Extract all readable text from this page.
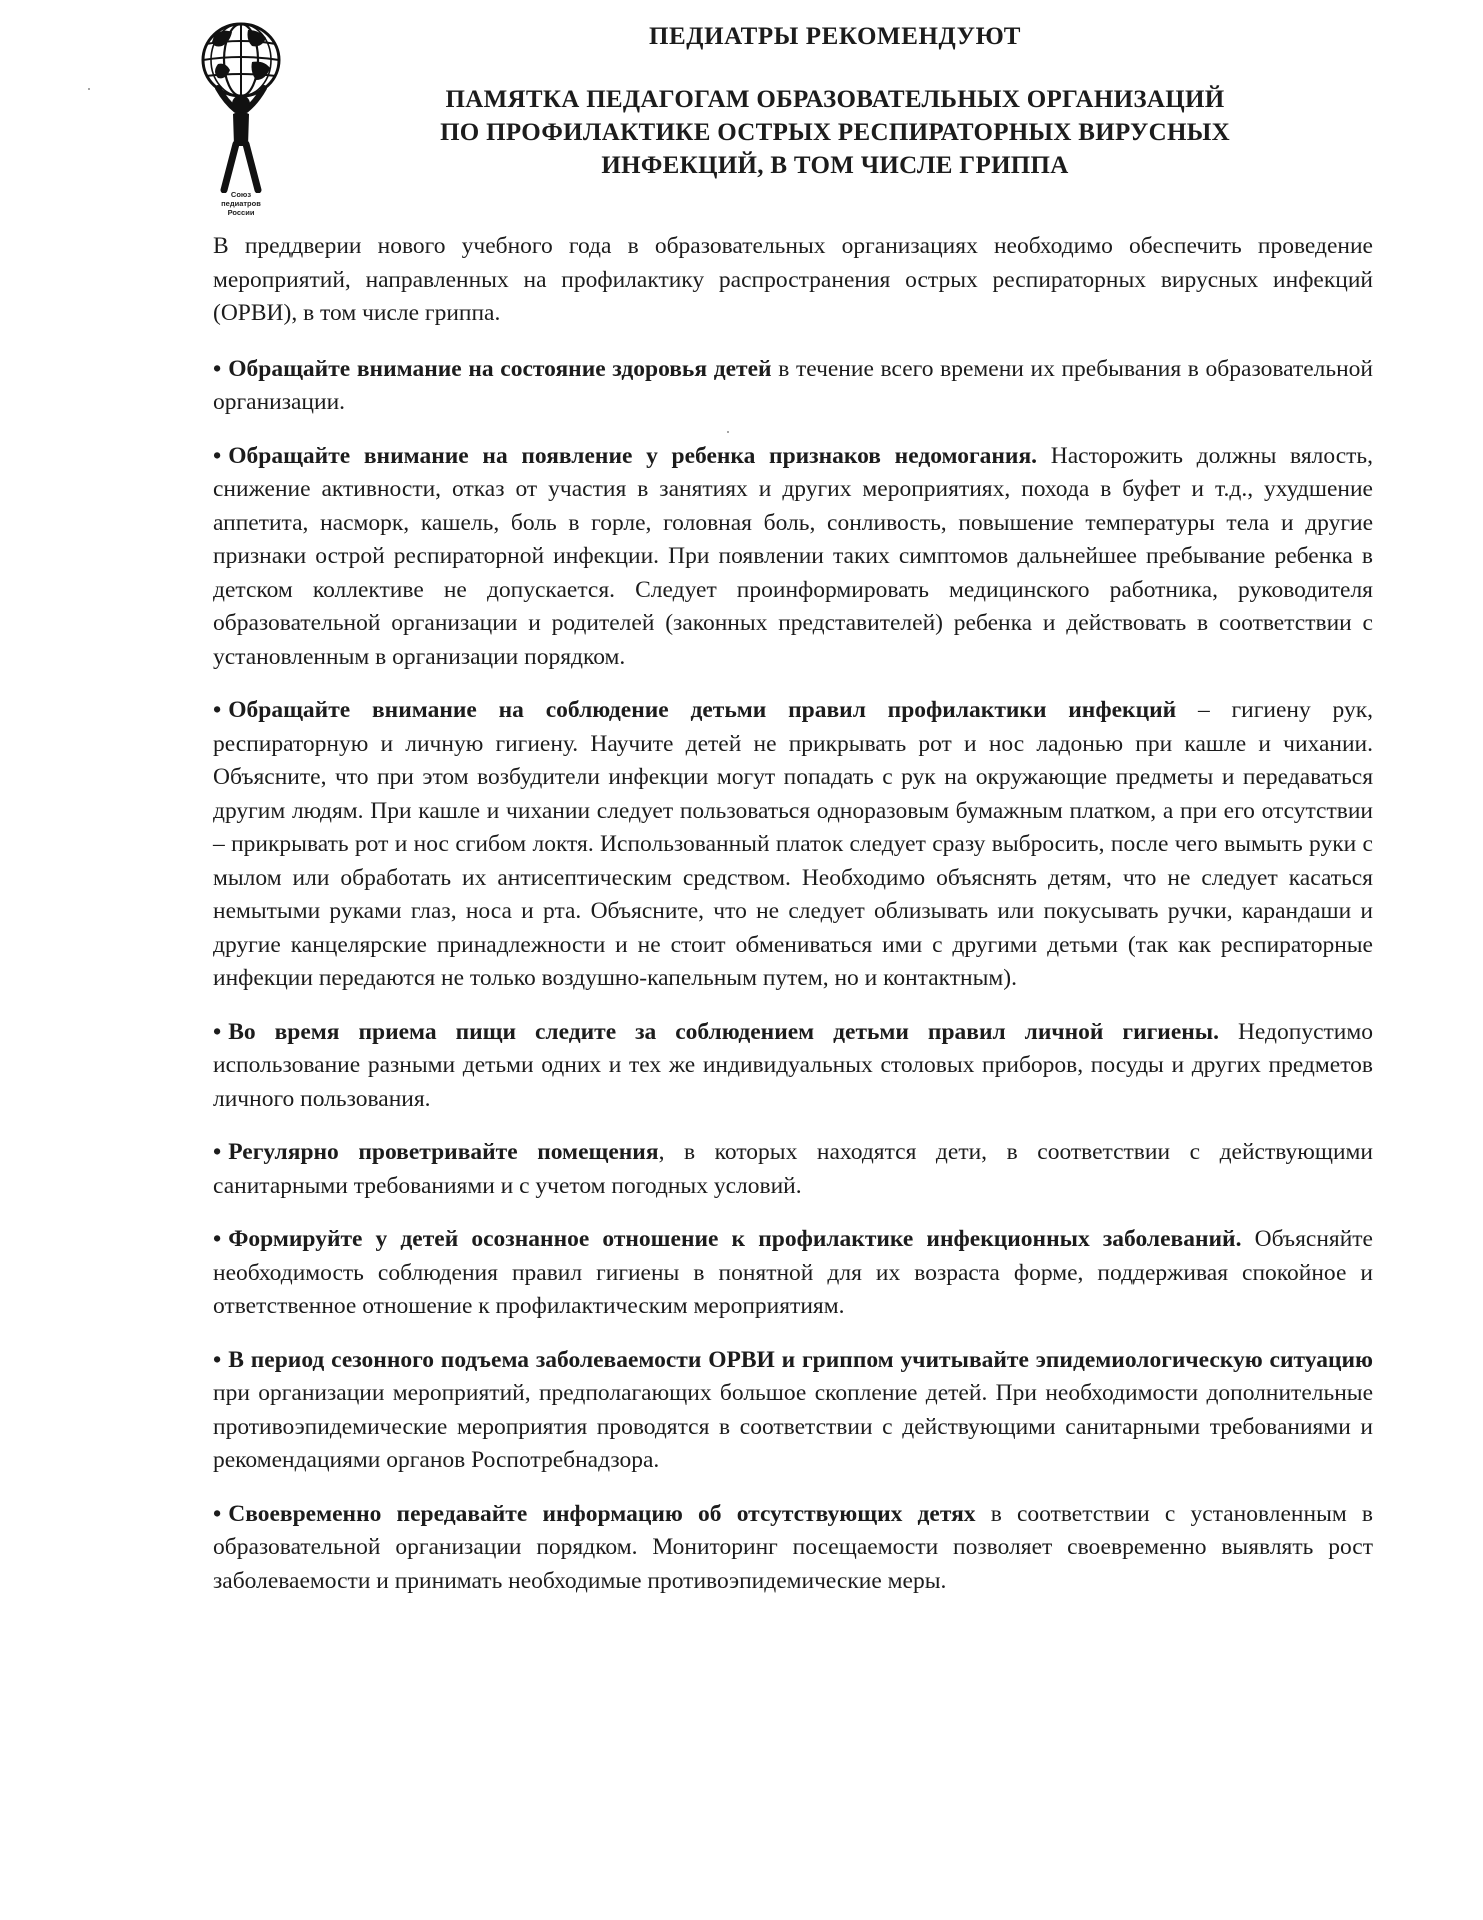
Союз
педиатров
России
ПЕДИАТРЫ РЕКОМЕНДУЮТ
ПАМЯТКА ПЕДАГОГАМ ОБРАЗОВАТЕЛЬНЫХ ОРГАНИЗАЦИЙ
ПО ПРОФИЛАКТИКЕ ОСТРЫХ РЕСПИРАТОРНЫХ ВИРУСНЫХ
ИНФЕКЦИЙ, В ТОМ ЧИСЛЕ ГРИППА

В преддверии нового учебного года в образовательных организациях необходимо обеспечить проведение мероприятий, направленных на профилактику распространения острых респираторных вирусных инфекций (ОРВИ), в том числе гриппа.

• Обращайте внимание на состояние здоровья детей в течение всего времени их пребывания в образовательной организации.

• Обращайте внимание на появление у ребенка признаков недомогания. Насторожить должны вялость, снижение активности, отказ от участия в занятиях и других мероприятиях, похода в буфет и т.д., ухудшение аппетита, насморк, кашель, боль в горле, головная боль, сонливость, повышение температуры тела и другие признаки острой респираторной инфекции. При появлении таких симптомов дальнейшее пребывание ребенка в детском коллективе не допускается. Следует проинформировать медицинского работника, руководителя образовательной организации и родителей (законных представителей) ребенка и действовать в соответствии с установленным в организации порядком.

• Обращайте внимание на соблюдение детьми правил профилактики инфекций – гигиену рук, респираторную и личную гигиену. Научите детей не прикрывать рот и нос ладонью при кашле и чихании. Объясните, что при этом возбудители инфекции могут попадать с рук на окружающие предметы и передаваться другим людям. При кашле и чихании следует пользоваться одноразовым бумажным платком, а при его отсутствии – прикрывать рот и нос сгибом локтя. Использованный платок следует сразу выбросить, после чего вымыть руки с мылом или обработать их антисептическим средством. Необходимо объяснять детям, что не следует касаться немытыми руками глаз, носа и рта. Объясните, что не следует облизывать или покусывать ручки, карандаши и другие канцелярские принадлежности и не стоит обмениваться ими с другими детьми (так как респираторные инфекции передаются не только воздушно-капельным путем, но и контактным).

• Во время приема пищи следите за соблюдением детьми правил личной гигиены. Недопустимо использование разными детьми одних и тех же индивидуальных столовых приборов, посуды и других предметов личного пользования.

• Регулярно проветривайте помещения, в которых находятся дети, в соответствии с действующими санитарными требованиями и с учетом погодных условий.

• Формируйте у детей осознанное отношение к профилактике инфекционных заболеваний. Объясняйте необходимость соблюдения правил гигиены в понятной для их возраста форме, поддерживая спокойное и ответственное отношение к профилактическим мероприятиям.

• В период сезонного подъема заболеваемости ОРВИ и гриппом учитывайте эпидемиологическую ситуацию при организации мероприятий, предполагающих большое скопление детей. При необходимости дополнительные противоэпидемические мероприятия проводятся в соответствии с действующими санитарными требованиями и рекомендациями органов Роспотребнадзора.

• Своевременно передавайте информацию об отсутствующих детях в соответствии с установленным в образовательной организации порядком. Мониторинг посещаемости позволяет своевременно выявлять рост заболеваемости и принимать необходимые противоэпидемические меры.
